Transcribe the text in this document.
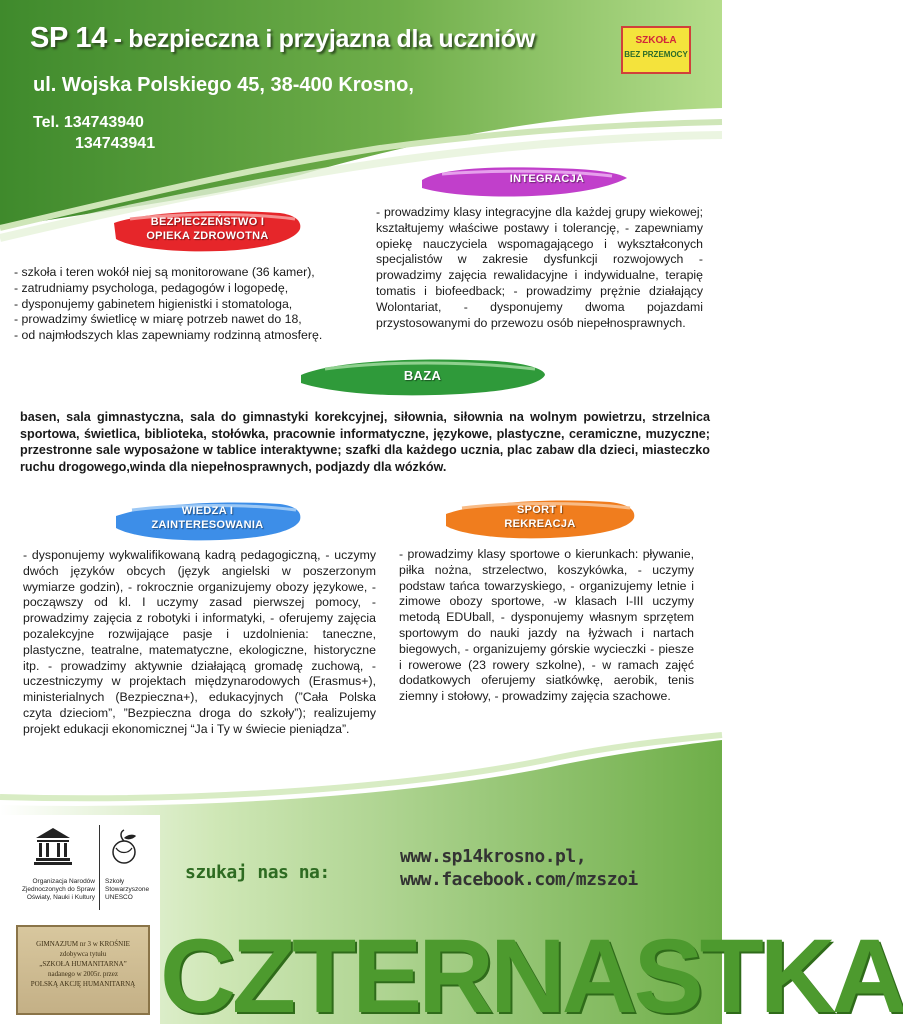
SP 14 - bezpieczna i przyjazna dla uczniów
ul. Wojska Polskiego 45, 38-400 Krosno,
Tel. 134743940
134743941
SZKOŁA
BEZ PRZEMOCY
INTEGRACJA
- prowadzimy klasy integracyjne dla każdej grupy wiekowej; kształtujemy właściwe postawy i tolerancję, - zapewniamy opiekę nauczyciela wspomagającego i wykształconych specjalistów w zakresie dysfunkcji rozwojowych - prowadzimy zajęcia rewalidacyjne i indywidualne, terapię tomatis i biofeedback; - prowadzimy prężnie działający Wolontariat, - dysponujemy dwoma pojazdami przystosowanymi do przewozu osób niepełnosprawnych.
BEZPIECZEŃSTWO I
OPIEKA ZDROWOTNA
- szkoła i teren wokół niej są monitorowane (36 kamer),
- zatrudniamy psychologa, pedagogów i logopedę,
- dysponujemy gabinetem higienistki i stomatologa,
- prowadzimy świetlicę w miarę potrzeb nawet do 18,
- od najmłodszych klas zapewniamy rodzinną atmosferę.
BAZA
basen, sala gimnastyczna, sala do gimnastyki korekcyjnej, siłownia, siłownia na wolnym powietrzu, strzelnica sportowa, świetlica, biblioteka, stołówka, pracownie informatyczne, językowe, plastyczne, ceramiczne, muzyczne; przestronne sale wyposażone w tablice interaktywne; szafki dla każdego ucznia, plac zabaw dla dzieci, miasteczko ruchu drogowego,winda dla niepełnosprawnych, podjazdy dla wózków.
WIEDZA I
ZAINTERESOWANIA
- dysponujemy wykwalifikowaną kadrą pedagogiczną, - uczymy dwóch języków obcych (język angielski w poszerzonym wymiarze godzin), - rokrocznie organizujemy obozy językowe, - począwszy od kl. I uczymy zasad pierwszej pomocy, - prowadzimy zajęcia z robotyki i informatyki, - oferujemy zajęcia pozalekcyjne rozwijające pasje i uzdolnienia: taneczne, plastyczne, teatralne, matematyczne, ekologiczne, historyczne itp. - prowadzimy aktywnie działającą gromadę zuchową, - uczestniczymy w projektach międzynarodowych (Erasmus+), ministerialnych (Bezpieczna+), edukacyjnych (”Cała Polska czyta dzieciom”, ”Bezpieczna droga do szkoły”); realizujemy projekt edukacji ekonomicznej “Ja i Ty w świecie pieniądza”.
SPORT I
REKREACJA
- prowadzimy klasy sportowe o kierunkach: pływanie, piłka nożna, strzelectwo, koszykówka, - uczymy podstaw tańca towarzyskiego, - organizujemy letnie i zimowe obozy sportowe, -w klasach I-III uczymy metodą EDUball, - dysponujemy własnym sprzętem sportowym do nauki jazdy na łyżwach i nartach biegowych, - organizujemy górskie wycieczki - piesze i rowerowe (23 rowery szkolne), - w ramach zajęć dodatkowych oferujemy siatkówkę, aerobik, tenis ziemny i stołowy, - prowadzimy zajęcia szachowe.
Organizacja Narodów Zjednoczonych do Spraw Oświaty, Nauki i Kultury
Szkoły Stowarzyszone UNESCO
GIMNAZJUM nr 3 w KROŚNIE
zdobywca tytułu
„SZKOŁA HUMANITARNA”
nadanego w 2005r. przez
POLSKĄ AKCJĘ HUMANITARNĄ
szukaj nas na:
www.sp14krosno.pl,
www.facebook.com/mzszoi
CZTERNASTKA
